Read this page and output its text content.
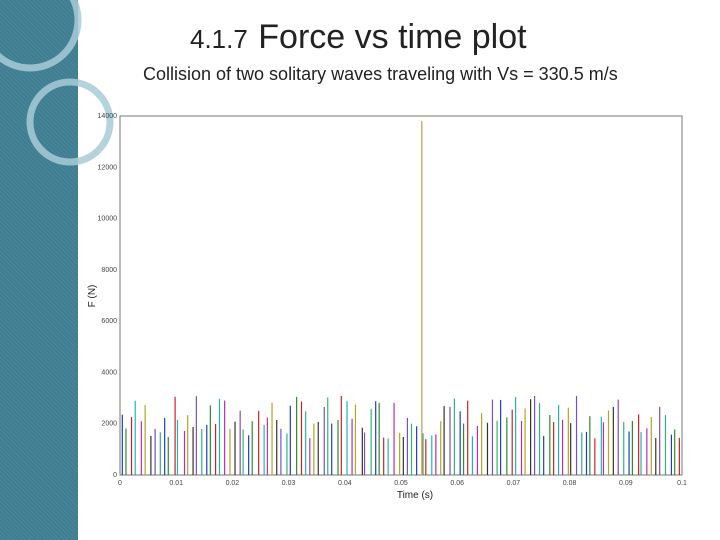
4.1.7 Force vs time plot
Collision of two solitary waves traveling with Vs = 330.5 m/s
0	0.01	0.02	0.03	0.04	0.05	0.06	0.07	0.08	0.09	0.1
0
2000
4000
6000
8000
10000
12000
14000
Time (s)
F (N)
